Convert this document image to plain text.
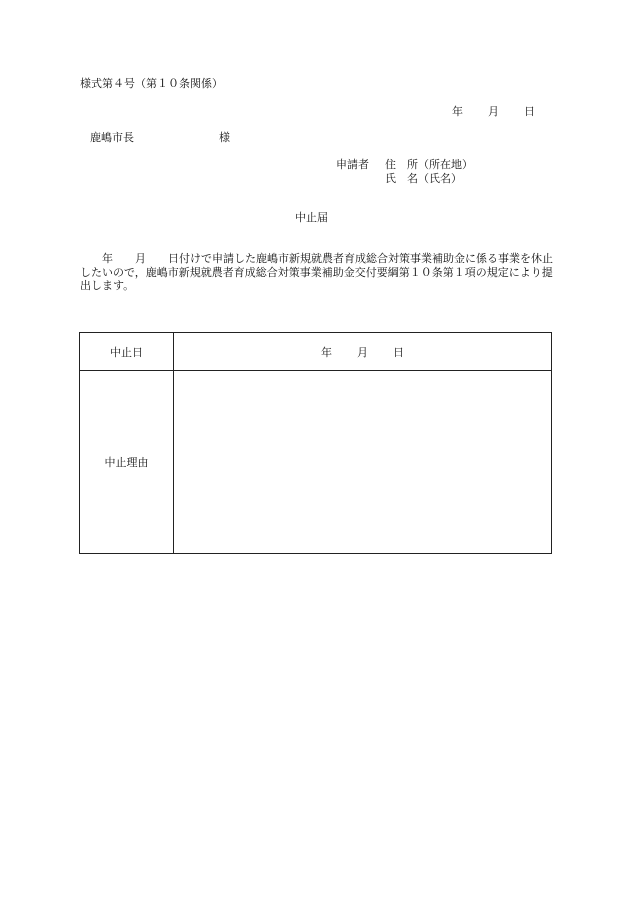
様式第４号（第１０条関係）
年 月 日
鹿嶋市長	様
申請者 住　所（所在地）
氏　名（氏名）
中止届
　　年　　月　　日付けで申請した鹿嶋市新規就農者育成総合対策事業補助金に係る事業を休止したいので，鹿嶋市新規就農者育成総合対策事業補助金交付要綱第１０条第１項の規定により提出します。
中止日	年 月 日
中止理由	
